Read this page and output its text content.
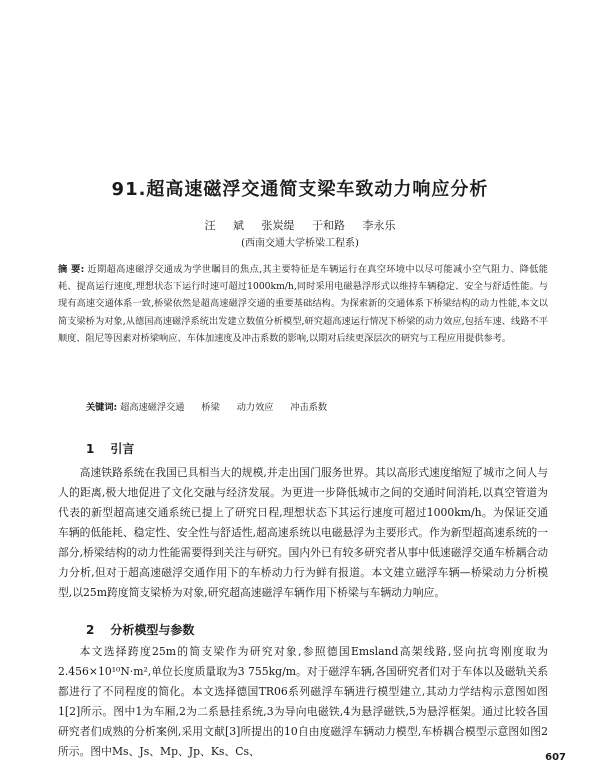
91.超高速磁浮交通简支梁车致动力响应分析
汪 斌 张炭缇 于和路 李永乐
(西南交通大学桥梁工程系)
摘 要: 近期超高速磁浮交通成为学世瞩目的焦点,其主要特征是车辆运行在真空环境中以尽可能减小空气阻力、降低能耗、提高运行速度,理想状态下运行时速可超过1000km/h,同时采用电磁悬浮形式以维持车辆稳定、安全与舒适性能。与现有高速交通体系一致,桥梁依然是超高速磁浮交通的重要基础结构。为探索新的交通体系下桥梁结构的动力性能,本文以简支梁桥为对象,从德国高速磁浮系统出发建立数值分析模型,研究超高速运行情况下桥梁的动力效应,包括车速、线路不平顺度、阻尼等因素对桥梁响应、车体加速度及冲击系数的影响,以期对后续更深层次的研究与工程应用提供参考。
关键词: 超高速磁浮交通 桥梁 动力效应 冲击系数
1 引言
高速铁路系统在我国已具相当大的规模,并走出国门服务世界。其以高形式速度缩短了城市之间人与人的距离,极大地促进了文化交融与经济发展。为更进一步降低城市之间的交通时间消耗,以真空管道为代表的新型超高速交通系统已提上了研究日程,理想状态下其运行速度可超过1000km/h。为保证交通车辆的低能耗、稳定性、安全性与舒适性,超高速系统以电磁悬浮为主要形式。作为新型超高速系统的一部分,桥梁结构的动力性能需要得到关注与研究。国内外已有较多研究者从事中低速磁浮交通车桥耦合动力分析,但对于超高速磁浮交通作用下的车桥动力行为鲜有报道。本文建立磁浮车辆—桥梁动力分析模型,以25m跨度简支梁桥为对象,研究超高速磁浮车辆作用下桥梁与车辆动力响应。
2 分析模型与参数
本文选择跨度25m的简支梁作为研究对象,参照德国Emsland高架线路,竖向抗弯刚度取为2.456×10¹⁰N·m²,单位长度质量取为3 755kg/m。对于磁浮车辆,各国研究者们对于车体以及磁轨关系都进行了不同程度的简化。本文选择德国TR06系列磁浮车辆进行模型建立,其动力学结构示意图如图1[2]所示。图中1为车厢,2为二系悬挂系统,3为导向电磁铁,4为悬浮磁铁,5为悬浮框架。通过比较各国研究者们成熟的分析案例,采用文献[3]所提出的10自由度磁浮车辆动力模型,车桥耦合模型示意图如图2所示。图中Ms、Js、Mp、Jp、Ks、Cs、	607
